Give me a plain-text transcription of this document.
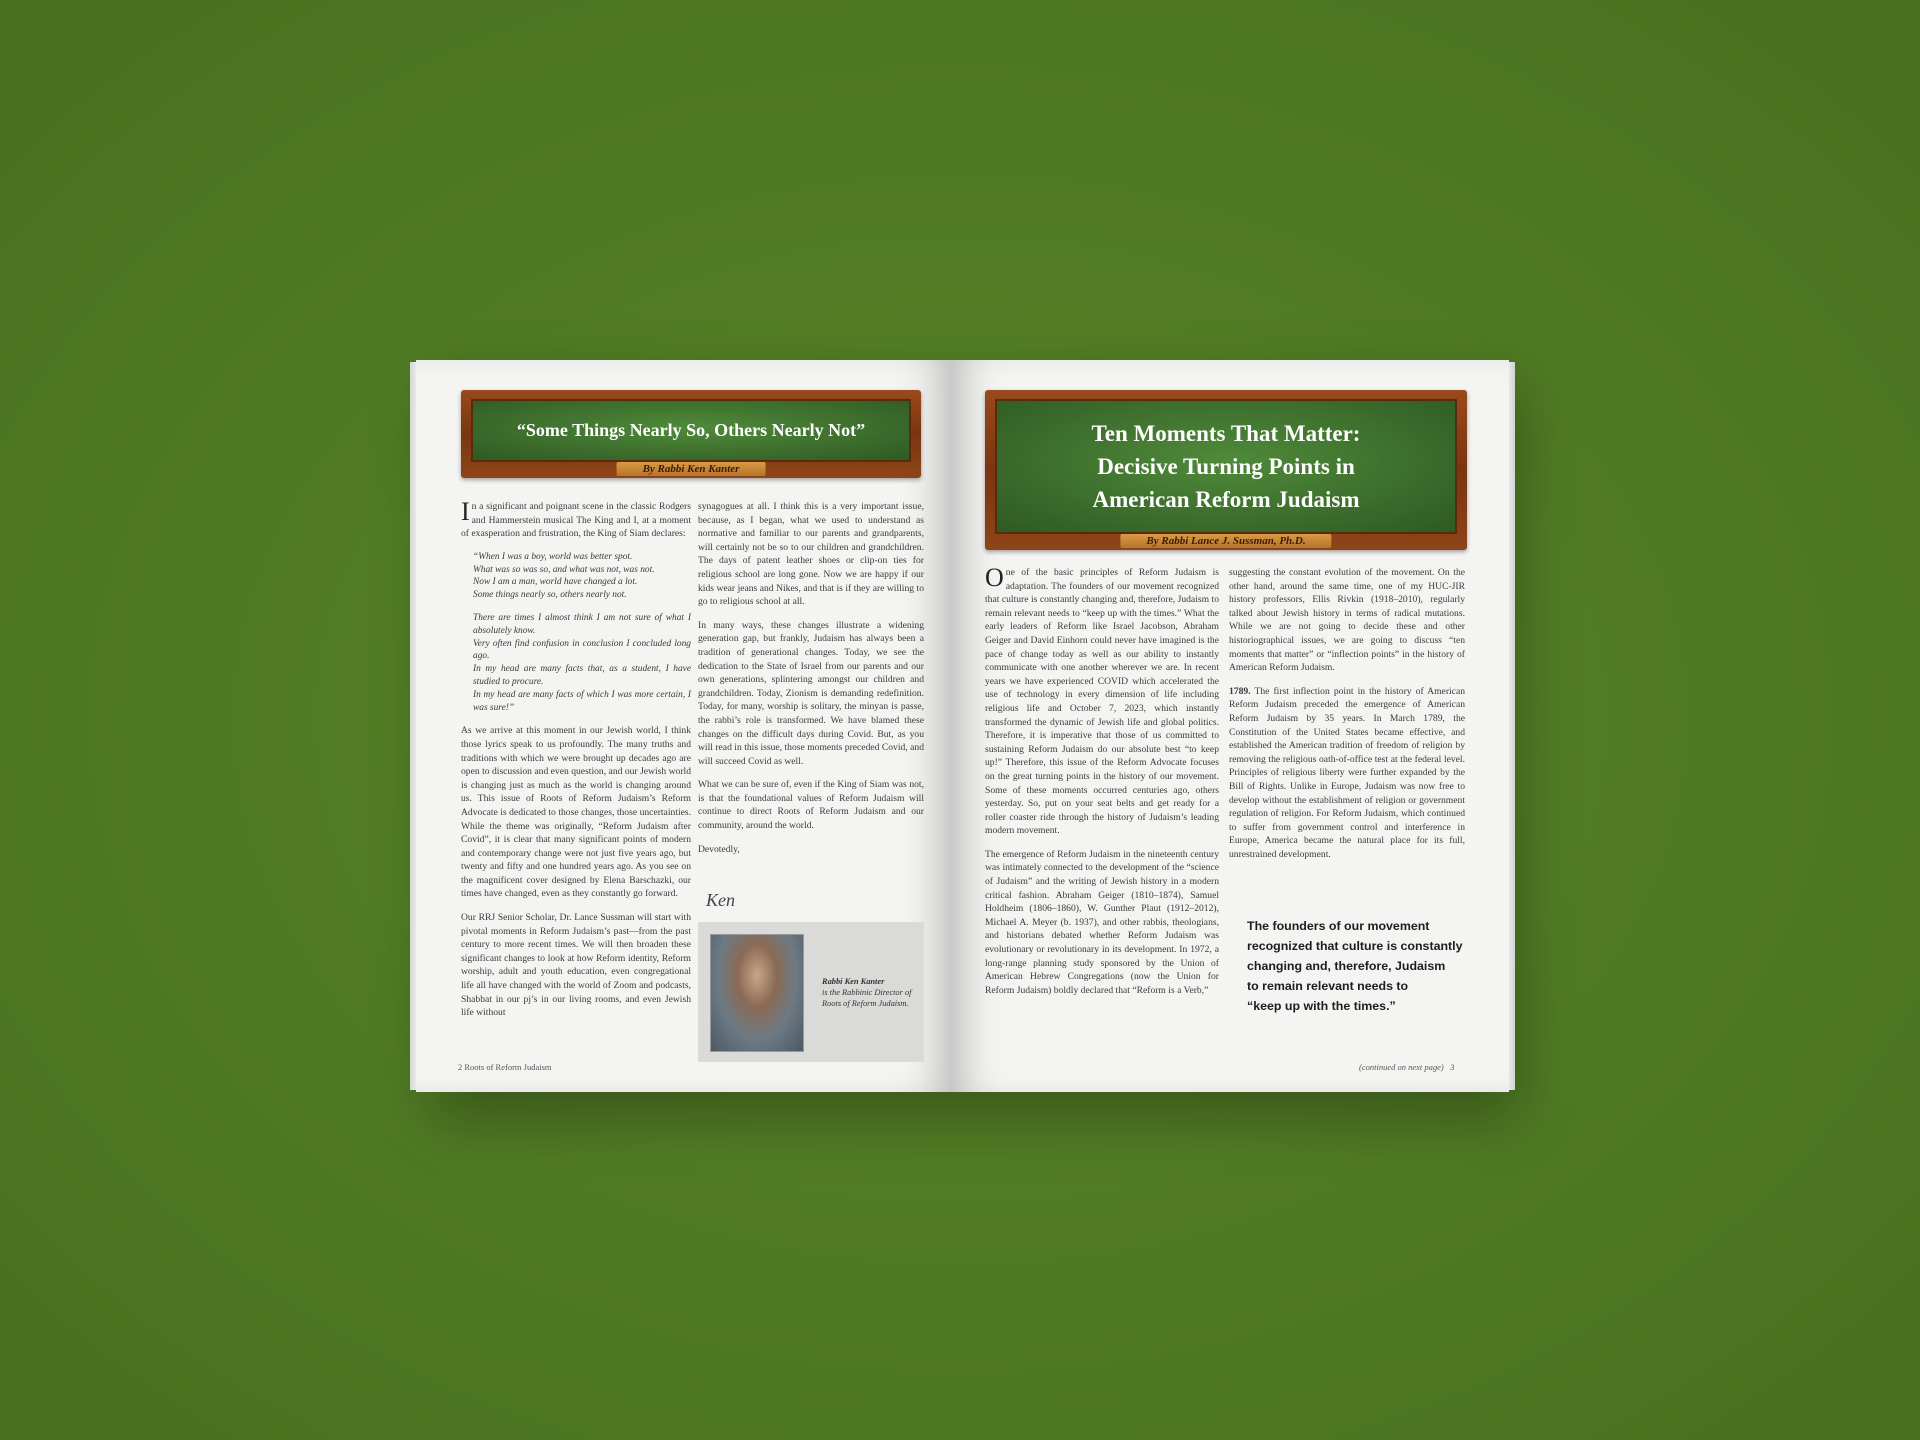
“Some Things Nearly So, Others Nearly Not”
By Rabbi Ken Kanter

In a significant and poignant scene in the classic Rodgers and Hammerstein musical The King and I, at a moment of exasperation and frustration, the King of Siam declares:

“When I was a boy, world was better spot.
What was so was so, and what was not, was not.
Now I am a man, world have changed a lot.
Some things nearly so, others nearly not.
There are times I almost think I am not sure of what I absolutely know.
Very often find confusion in conclusion I concluded long ago.
In my head are many facts that, as a student, I have studied to procure.
In my head are many facts of which I was more certain, I was sure!”

As we arrive at this moment in our Jewish world, I think those lyrics speak to us profoundly. The many truths and traditions with which we were brought up decades ago are open to discussion and even question, and our Jewish world is changing just as much as the world is changing around us. This issue of Roots of Reform Judaism’s Reform Advocate is dedicated to those changes, those uncertainties. While the theme was originally, “Reform Judaism after Covid”, it is clear that many significant points of modern and contemporary change were not just five years ago, but twenty and fifty and one hundred years ago. As you see on the magnificent cover designed by Elena Barschazki, our times have changed, even as they constantly go forward.

Our RRJ Senior Scholar, Dr. Lance Sussman will start with pivotal moments in Reform Judaism’s past—from the past century to more recent times. We will then broaden these significant changes to look at how Reform identity, Reform worship, adult and youth education, even congregational life all have changed with the world of Zoom and podcasts, Shabbat in our pj’s in our living rooms, and even Jewish life without

synagogues at all. I think this is a very important issue, because, as I began, what we used to understand as normative and familiar to our parents and grandparents, will certainly not be so to our children and grandchildren. The days of patent leather shoes or clip-on ties for religious school are long gone. Now we are happy if our kids wear jeans and Nikes, and that is if they are willing to go to religious school at all.

In many ways, these changes illustrate a widening generation gap, but frankly, Judaism has always been a tradition of generational changes. Today, we see the dedication to the State of Israel from our parents and our own generations, splintering amongst our children and grandchildren. Today, Zionism is demanding redefinition. Today, for many, worship is solitary, the minyan is passe, the rabbi’s role is transformed. We have blamed these changes on the difficult days during Covid. But, as you will read in this issue, those moments preceded Covid, and will succeed Covid as well.

What we can be sure of, even if the King of Siam was not, is that the foundational values of Reform Judaism will continue to direct Roots of Reform Judaism and our community, around the world.

Devotedly,

Ken
Rabbi Ken Kanter
is the Rabbinic Director of Roots of Reform Judaism.
2 Roots of Reform Judaism
Ten Moments That Matter:
Decisive Turning Points in
American Reform Judaism
By Rabbi Lance J. Sussman, Ph.D.

One of the basic principles of Reform Judaism is adaptation. The founders of our movement recognized that culture is constantly changing and, therefore, Judaism to remain relevant needs to “keep up with the times.” What the early leaders of Reform like Israel Jacobson, Abraham Geiger and David Einhorn could never have imagined is the pace of change today as well as our ability to instantly communicate with one another wherever we are. In recent years we have experienced COVID which accelerated the use of technology in every dimension of life including religious life and October 7, 2023, which instantly transformed the dynamic of Jewish life and global politics. Therefore, it is imperative that those of us committed to sustaining Reform Judaism do our absolute best “to keep up!” Therefore, this issue of the Reform Advocate focuses on the great turning points in the history of our movement. Some of these moments occurred centuries ago, others yesterday. So, put on your seat belts and get ready for a roller coaster ride through the history of Judaism’s leading modern movement.

The emergence of Reform Judaism in the nineteenth century was intimately connected to the development of the “science of Judaism” and the writing of Jewish history in a modern critical fashion. Abraham Geiger (1810–1874), Samuel Holdheim (1806–1860), W. Gunther Plaut (1912–2012), Michael A. Meyer (b. 1937), and other rabbis, theologians, and historians debated whether Reform Judaism was evolutionary or revolutionary in its development. In 1972, a long-range planning study sponsored by the Union of American Hebrew Congregations (now the Union for Reform Judaism) boldly declared that “Reform is a Verb,”

suggesting the constant evolution of the movement. On the other hand, around the same time, one of my HUC-JIR history professors, Ellis Rivkin (1918–2010), regularly talked about Jewish history in terms of radical mutations. While we are not going to decide these and other historiographical issues, we are going to discuss “ten moments that matter” or “inflection points” in the history of American Reform Judaism.

1789. The first inflection point in the history of American Reform Judaism preceded the emergence of American Reform Judaism by 35 years. In March 1789, the Constitution of the United States became effective, and established the American tradition of freedom of religion by removing the religious oath-of-office test at the federal level. Principles of religious liberty were further expanded by the Bill of Rights. Unlike in Europe, Judaism was now free to develop without the establishment of religion or government regulation of religion. For Reform Judaism, which continued to suffer from government control and interference in Europe, America became the natural place for its full, unrestrained development.

The founders of our movement
recognized that culture is constantly
changing and, therefore, Judaism
to remain relevant needs to
“keep up with the times.”
(continued on next page) 3
